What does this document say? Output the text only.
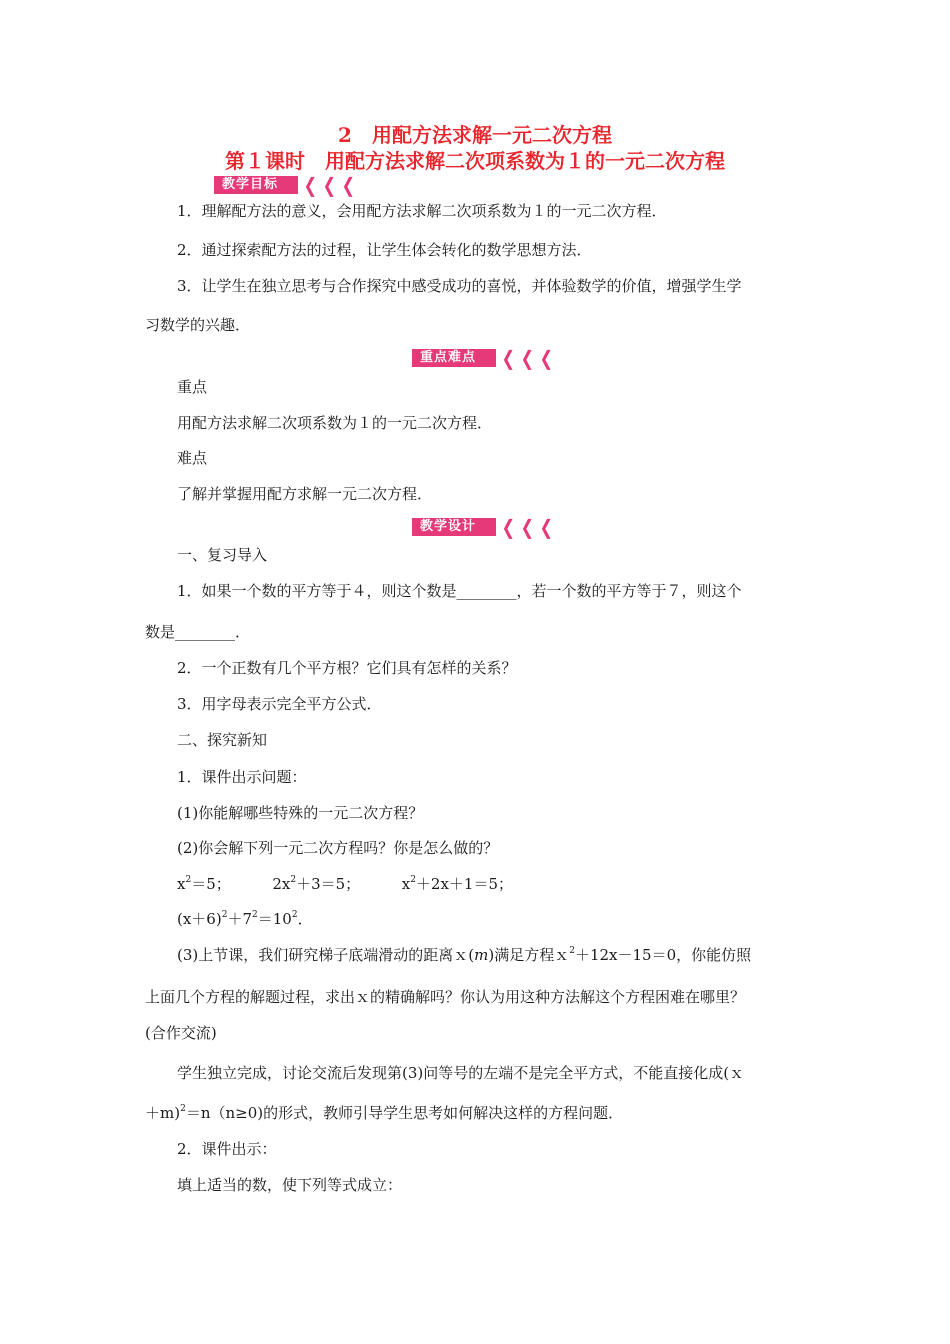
2　用配方法求解一元二次方程
第１课时　用配方法求解二次项系数为１的一元二次方程
教学目标	❮ ❮ ❮
1．理解配方法的意义，会用配方法求解二次项系数为１的一元二次方程．
2．通过探索配方法的过程，让学生体会转化的数学思想方法．
3．让学生在独立思考与合作探究中感受成功的喜悦，并体验数学的价值，增强学生学
习数学的兴趣．
重点难点	❮ ❮ ❮
重点
用配方法求解二次项系数为１的一元二次方程．
难点
了解并掌握用配方求解一元二次方程．
教学设计	❮ ❮ ❮
一、复习导入
1．如果一个数的平方等于４，则这个数是________，若一个数的平方等于７，则这个
数是________．
2．一个正数有几个平方根？它们具有怎样的关系？
3．用字母表示完全平方公式．
二、探究新知
1．课件出示问题：
(1)你能解哪些特殊的一元二次方程？
(2)你会解下列一元二次方程吗？你是怎么做的？
$x^2=5$；	$2x^2+3=5$；	$x^2+2x+1=5$；
$(x+6)^2+7^2=10^2$．
(3)上节课，我们研究梯子底端滑动的距离ｘ(m)满足方程ｘ$^2$＋12x－15＝0，你能仿照
上面几个方程的解题过程，求出ｘ的精确解吗？你认为用这种方法解这个方程困难在哪里？
(合作交流)
学生独立完成，讨论交流后发现第(3)问等号的左端不是完全平方式，不能直接化成(ｘ
＋m)$^2$＝n（n≥0)的形式，教师引导学生思考如何解决这样的方程问题．
2．课件出示：
填上适当的数，使下列等式成立：
